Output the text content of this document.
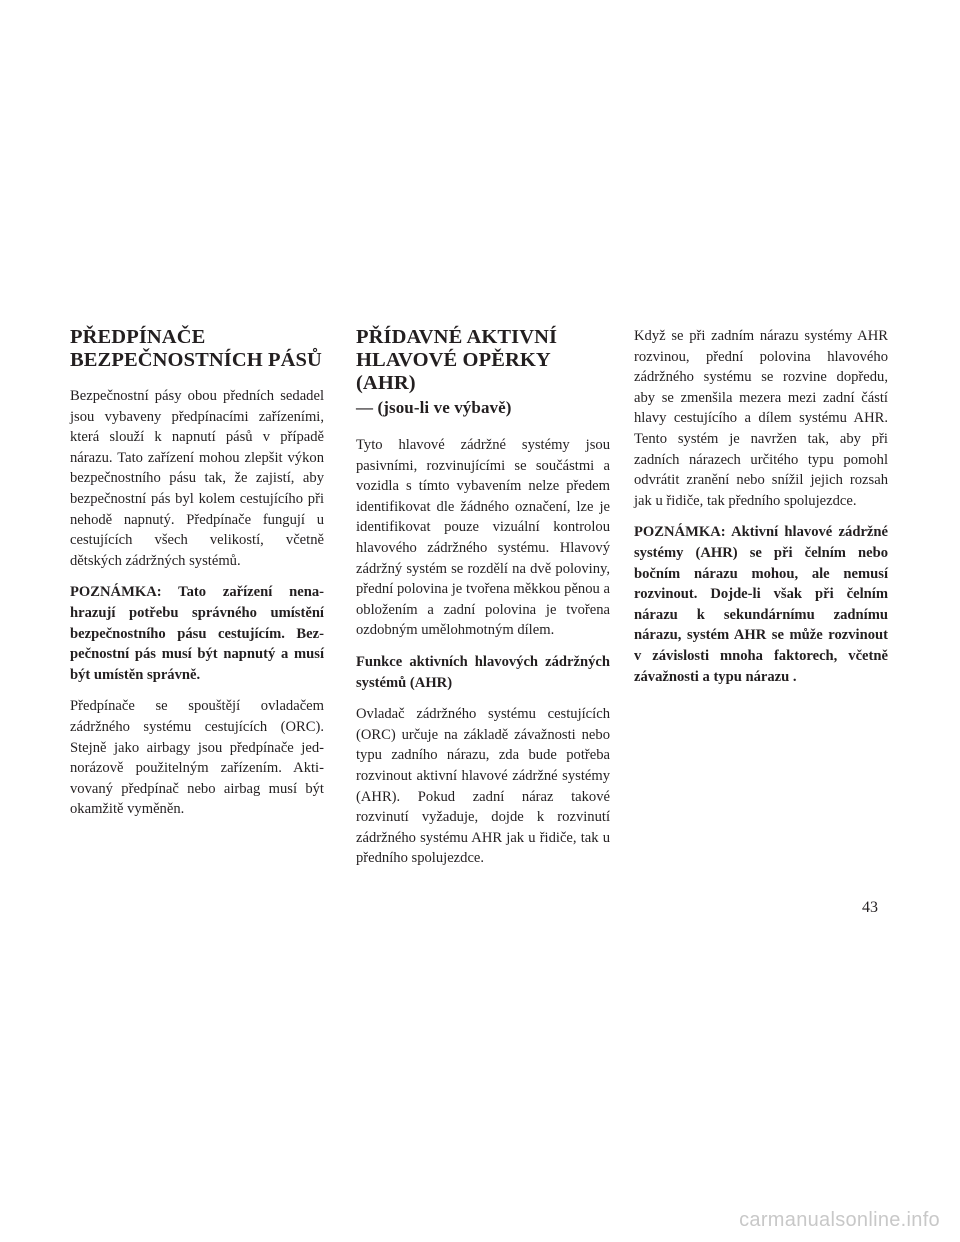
PŘEDPÍNAČE
BEZPEČNOSTNÍCH PÁSŮ

Bezpečnostní pásy obou předních sedadel jsou vybaveny předpínacími zařízeními, která slouží k napnutí pásů v případě nárazu. Tato zařízení mohou zlepšit výkon bezpečnostního pásu tak, že zajistí, aby bezpečnostní pás byl kolem cestujícího při nehodě napnutý. Předpínače fungují u cestujících všech velikostí, včetně dětských zádržných systémů.

POZNÁMKA: Tato zařízení nenahrazují potřebu správného umístění bezpečnostního pásu cestujícím. Bezpečnostní pás musí být napnutý a musí být umístěn správně.

Předpínače se spouštějí ovladačem zádržného systému cestujících (ORC). Stejně jako airbagy jsou předpínače jednorázově použitelným zařízením. Aktivovaný předpínač nebo airbag musí být okamžitě vyměněn.

PŘÍDAVNÉ AKTIVNÍ
HLAVOVÉ OPĚRKY (AHR)
— (jsou-li ve výbavě)

Tyto hlavové zádržné systémy jsou pasivními, rozvinujícími se součástmi a vozidla s tímto vybavením nelze předem identifikovat dle žádného označení, lze je identifikovat pouze vizuální kontrolou hlavového zádržného systému. Hlavový zádržný systém se rozdělí na dvě poloviny, přední polovina je tvořena měkkou pěnou a obložením a zadní polovina je tvořena ozdobným umělohmotným dílem.

Funkce aktivních hlavových zádržných systémů (AHR)

Ovladač zádržného systému cestujících (ORC) určuje na základě závažnosti nebo typu zadního nárazu, zda bude potřeba rozvinout aktivní hlavové zádržné systémy (AHR). Pokud zadní náraz takové rozvinutí vyžaduje, dojde k rozvinutí zádržného systému AHR jak u řidiče, tak u předního spolujezdce.

Když se při zadním nárazu systémy AHR rozvinou, přední polovina hlavového zádržného systému se rozvine dopředu, aby se zmenšila mezera mezi zadní částí hlavy cestujícího a dílem systému AHR. Tento systém je navržen tak, aby při zadních nárazech určitého typu pomohl odvrátit zranění nebo snížil jejich rozsah jak u řidiče, tak předního spolujezdce.

POZNÁMKA: Aktivní hlavové zádržné systémy (AHR) se při čelním nebo bočním nárazu mohou, ale nemusí rozvinout. Dojde-li však při čelním nárazu k sekundárnímu zadnímu nárazu, systém AHR se může rozvinout v závislosti mnoha faktorech, včetně závažnosti a typu nárazu .

43
carmanualsonline.info
